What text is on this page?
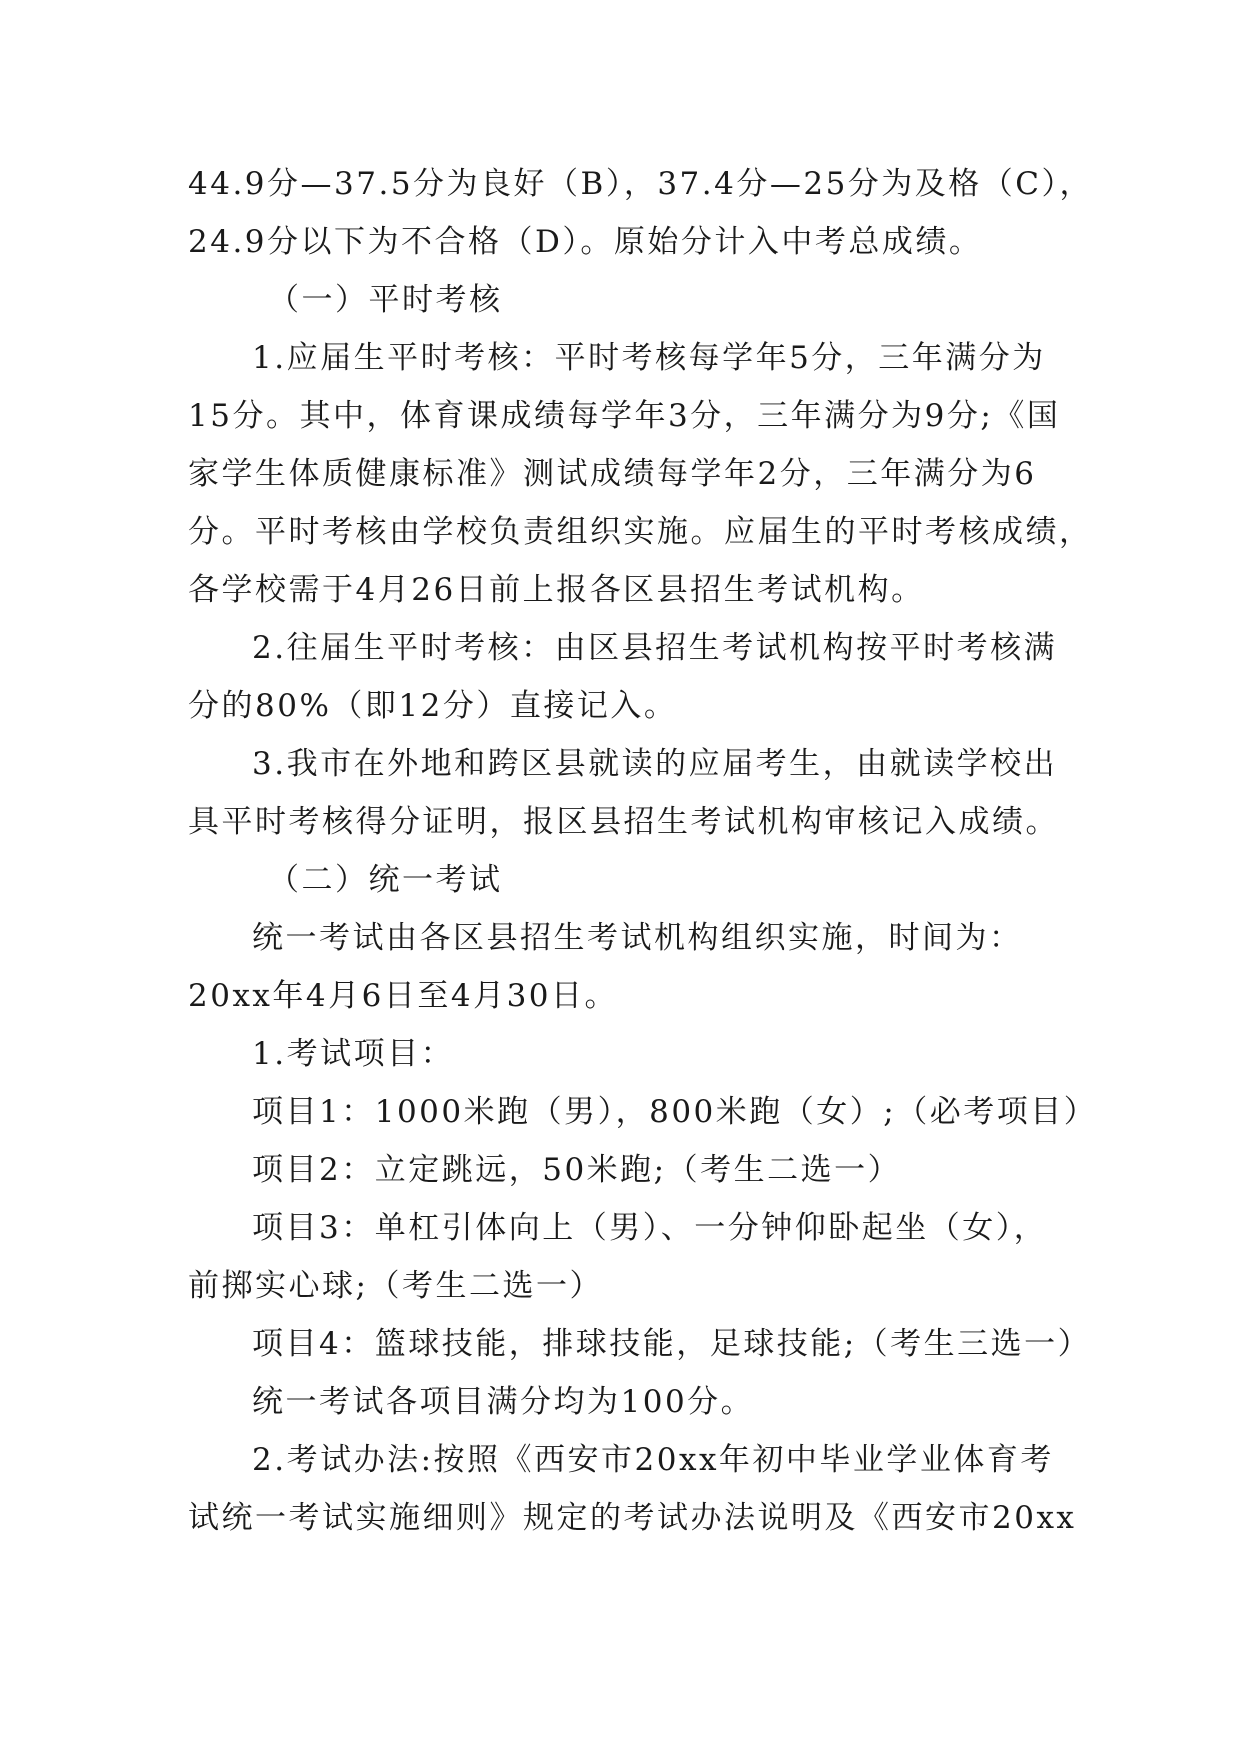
44.9分—37.5分为良好（B），37.4分—25分为及格（C），
24.9分以下为不合格（D）。原始分计入中考总成绩。
（一）平时考核
1.应届生平时考核：平时考核每学年5分，三年满分为
15分。其中，体育课成绩每学年3分，三年满分为9分;《国
家学生体质健康标准》测试成绩每学年2分，三年满分为6
分。平时考核由学校负责组织实施。应届生的平时考核成绩，
各学校需于4月26日前上报各区县招生考试机构。
2.往届生平时考核：由区县招生考试机构按平时考核满
分的80%（即12分）直接记入。
3.我市在外地和跨区县就读的应届考生，由就读学校出
具平时考核得分证明，报区县招生考试机构审核记入成绩。
（二）统一考试
统一考试由各区县招生考试机构组织实施，时间为：
20xx年4月6日至4月30日。
1.考试项目：
项目1：1000米跑（男），800米跑（女）;（必考项目）
项目2：立定跳远，50米跑;（考生二选一）
项目3：单杠引体向上（男）、一分钟仰卧起坐（女），
前掷实心球;（考生二选一）
项目4：篮球技能，排球技能，足球技能;（考生三选一）
统一考试各项目满分均为100分。
2.考试办法:按照《西安市20xx年初中毕业学业体育考
试统一考试实施细则》规定的考试办法说明及《西安市20xx
